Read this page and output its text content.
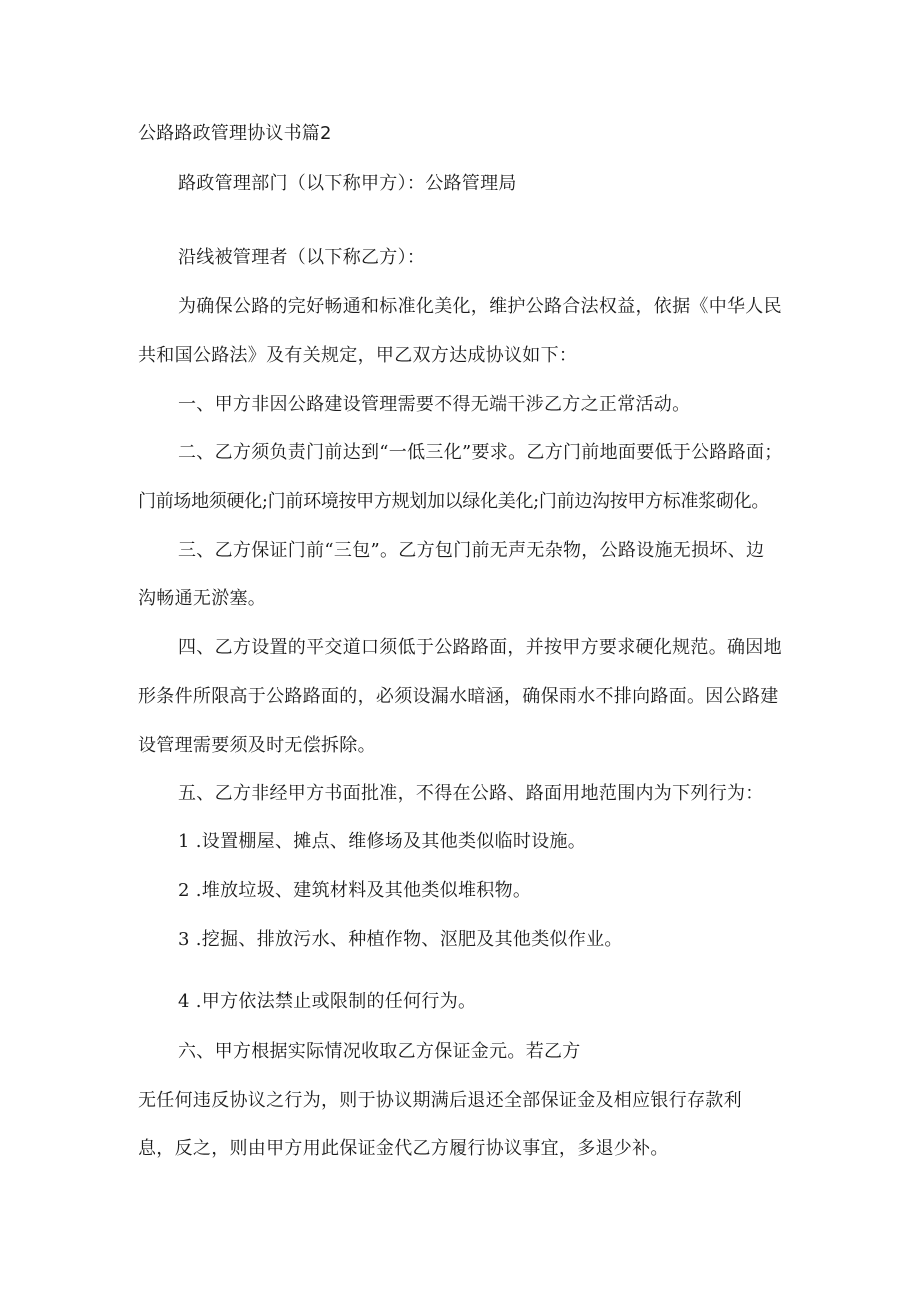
公路路政管理协议书篇2
路政管理部门（以下称甲方）：公路管理局
沿线被管理者（以下称乙方）：
为确保公路的完好畅通和标准化美化，维护公路合法权益，依据《中华人民
共和国公路法》及有关规定，甲乙双方达成协议如下：
一、甲方非因公路建设管理需要不得无端干涉乙方之正常活动。
二、乙方须负责门前达到“一低三化”要求。乙方门前地面要低于公路路面；
门前场地须硬化;门前环境按甲方规划加以绿化美化;门前边沟按甲方标准浆砌化。
三、乙方保证门前“三包”。乙方包门前无声无杂物，公路设施无损坏、边
沟畅通无淤塞。
四、乙方设置的平交道口须低于公路路面，并按甲方要求硬化规范。确因地
形条件所限高于公路路面的，必须设漏水暗涵，确保雨水不排向路面。因公路建
设管理需要须及时无偿拆除。
五、乙方非经甲方书面批准，不得在公路、路面用地范围内为下列行为：
1 .设置棚屋、摊点、维修场及其他类似临时设施。
2 .堆放垃圾、建筑材料及其他类似堆积物。
3 .挖掘、排放污水、种植作物、沤肥及其他类似作业。
4 .甲方依法禁止或限制的任何行为。
六、甲方根据实际情况收取乙方保证金元。若乙方
无任何违反协议之行为，则于协议期满后退还全部保证金及相应银行存款利
息，反之，则由甲方用此保证金代乙方履行协议事宜，多退少补。
